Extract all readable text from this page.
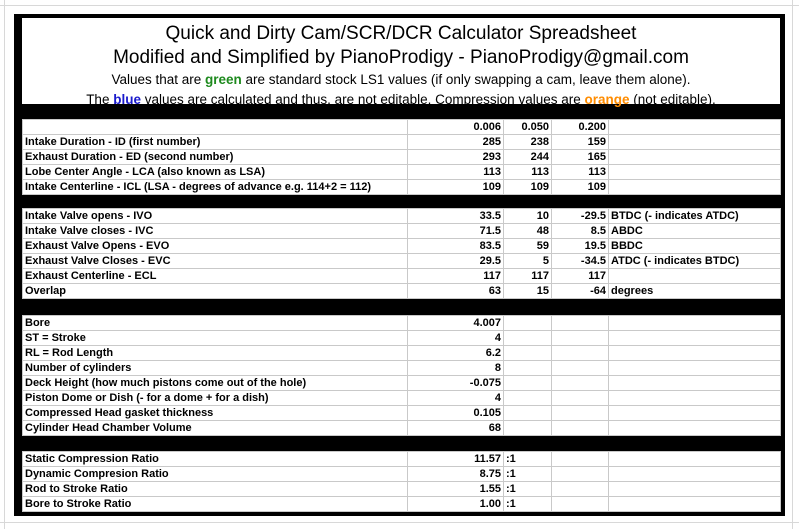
Quick and Dirty Cam/SCR/DCR Calculator Spreadsheet
Modified and Simplified by PianoProdigy - PianoProdigy@gmail.com
Values that are green are standard stock LS1 values (if only swapping a cam, leave them alone).
The blue values are calculated and thus, are not editable. Compression values are orange (not editable).
	0.006	0.050	0.200	
Intake Duration - ID (first number)	285	238	159	
Exhaust Duration - ED (second number)	293	244	165	
Lobe Center Angle - LCA (also known as LSA)	113	113	113	
Intake Centerline - ICL (LSA - degrees of advance e.g. 114+2 = 112)	109	109	109	
Intake Valve opens - IVO	33.5	10	-29.5	BTDC (- indicates ATDC)
Intake Valve closes - IVC	71.5	48	8.5	ABDC
Exhaust Valve Opens - EVO	83.5	59	19.5	BBDC
Exhaust Valve Closes - EVC	29.5	5	-34.5	ATDC (- indicates BTDC)
Exhaust Centerline - ECL	117	117	117	
Overlap	63	15	-64	degrees
Bore	4.007			
ST = Stroke	4			
RL = Rod Length	6.2			
Number of cylinders	8			
Deck Height (how much pistons come out of the hole)	-0.075			
Piston Dome or Dish (- for a dome + for a dish)	4			
Compressed Head gasket thickness	0.105			
Cylinder Head Chamber Volume	68			
Static Compression Ratio	11.57	:1		
Dynamic Compresion Ratio	8.75	:1		
Rod to Stroke Ratio	1.55	:1		
Bore to Stroke Ratio	1.00	:1		
